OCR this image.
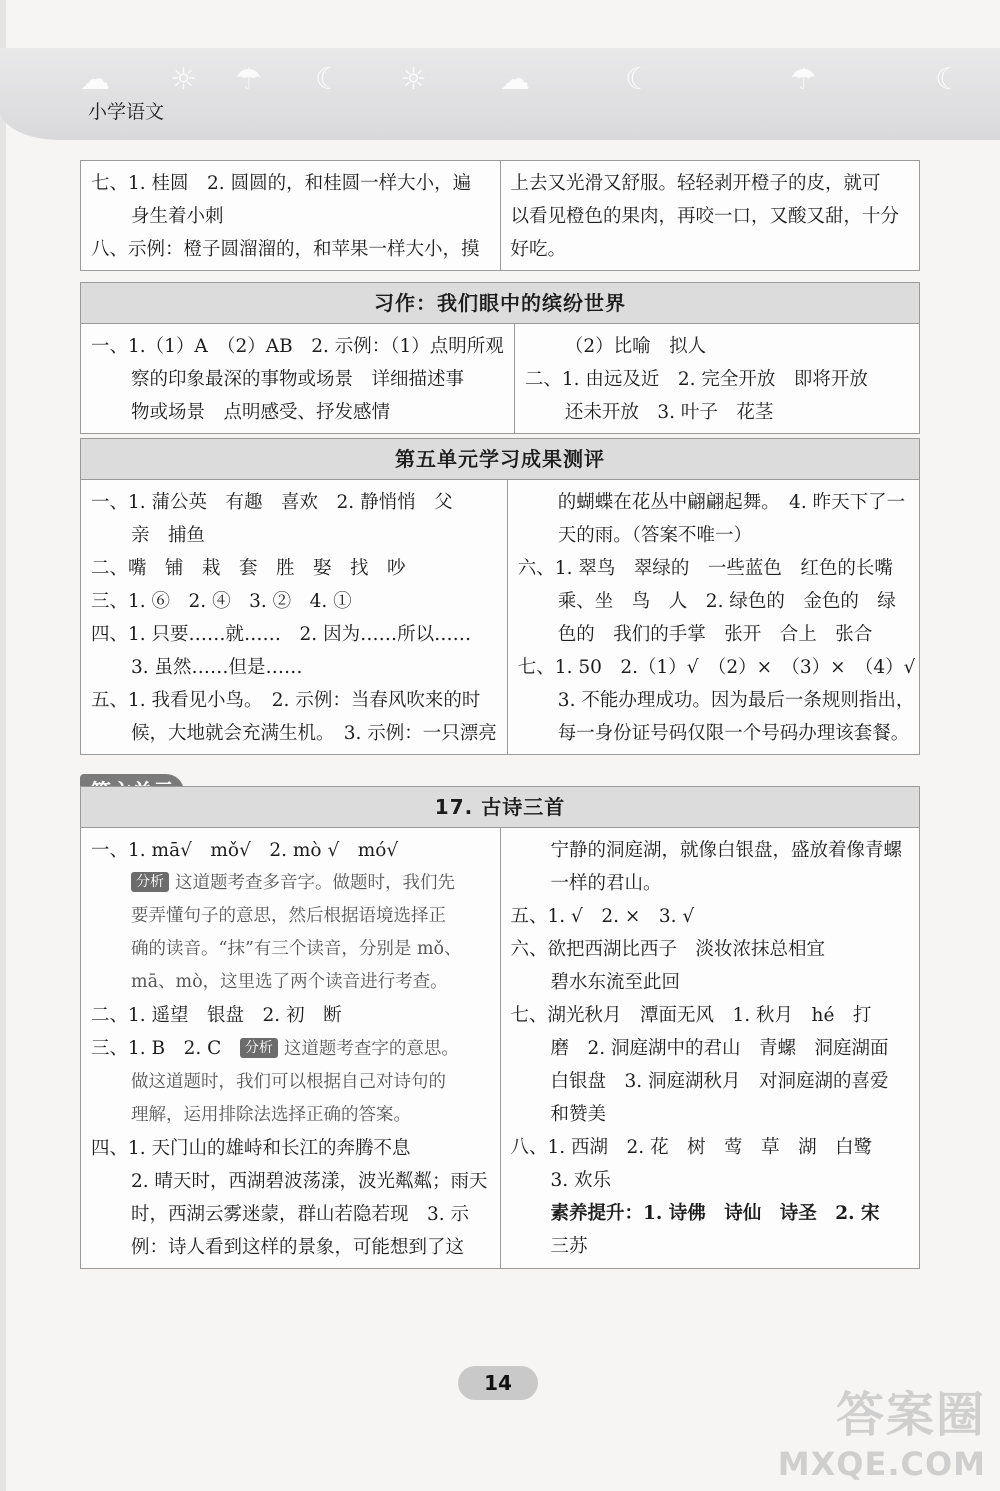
☁ ☼ ☂ ☾ ☼ ☁	☾	☂	☾
小学语文
七、1. 桂圆　2. 圆圆的，和桂圆一样大小，遍
身生着小刺
八、示例：橙子圆溜溜的，和苹果一样大小，摸
上去又光滑又舒服。轻轻剥开橙子的皮，就可
以看见橙色的果肉，再咬一口，又酸又甜，十分
好吃。
习作：我们眼中的缤纷世界
一、1.（1）A　（2）AB　2. 示例：（1）点明所观
察的印象最深的事物或场景　详细描述事
物或场景　点明感受、抒发感情
（2）比喻　拟人
二、1. 由远及近　2. 完全开放　即将开放
还未开放　3. 叶子　花茎
第五单元学习成果测评
一、1. 蒲公英　有趣　喜欢　2. 静悄悄　父
亲　捕鱼
二、嘴　铺　栽　套　胜　娶　找　吵
三、1. ⑥　2. ④　3. ②　4. ①
四、1. 只要……就……　2. 因为……所以……
3. 虽然……但是……
五、1. 我看见小鸟。　2. 示例：当春风吹来的时
候，大地就会充满生机。　3. 示例：一只漂亮
的蝴蝶在花丛中翩翩起舞。　4. 昨天下了一
天的雨。（答案不唯一）
六、1. 翠鸟　翠绿的　一些蓝色　红色的长嘴
乘、坐　鸟　人　2. 绿色的　金色的　绿
色的　我们的手掌　张开　合上　张合
七、1. 50　2.（1）√　（2）×　（3）×　（4）√
3. 不能办理成功。因为最后一条规则指出，
每一身份证号码仅限一个号码办理该套餐。
17. 古诗三首
一、1. mā√　mǒ√　2. mò √　mó√
分析 这道题考查多音字。做题时，我们先
要弄懂句子的意思，然后根据语境选择正
确的读音。“抹”有三个读音，分别是 mǒ、
mā、mò，这里选了两个读音进行考查。
二、1. 遥望　银盘　2. 初　断
三、1. B　2. C　 分析 这道题考查字的意思。
做这道题时，我们可以根据自己对诗句的
理解，运用排除法选择正确的答案。
四、1. 天门山的雄峙和长江的奔腾不息
2. 晴天时，西湖碧波荡漾，波光粼粼；雨天
时，西湖云雾迷蒙，群山若隐若现　3. 示
例：诗人看到这样的景象，可能想到了这
宁静的洞庭湖，就像白银盘，盛放着像青螺
一样的君山。
五、1. √　2. ×　3. √
六、欲把西湖比西子　淡妆浓抹总相宜
碧水东流至此回
七、湖光秋月　潭面无风　1. 秋月　hé　打
磨　2. 洞庭湖中的君山　青螺　洞庭湖面
白银盘　3. 洞庭湖秋月　对洞庭湖的喜爱
和赞美
八、1. 西湖　2. 花　树　莺　草　湖　白鹭
3. 欢乐
素养提升：1. 诗佛　诗仙　诗圣　2. 宋
三苏
14
答案圈
MXQE.COM
